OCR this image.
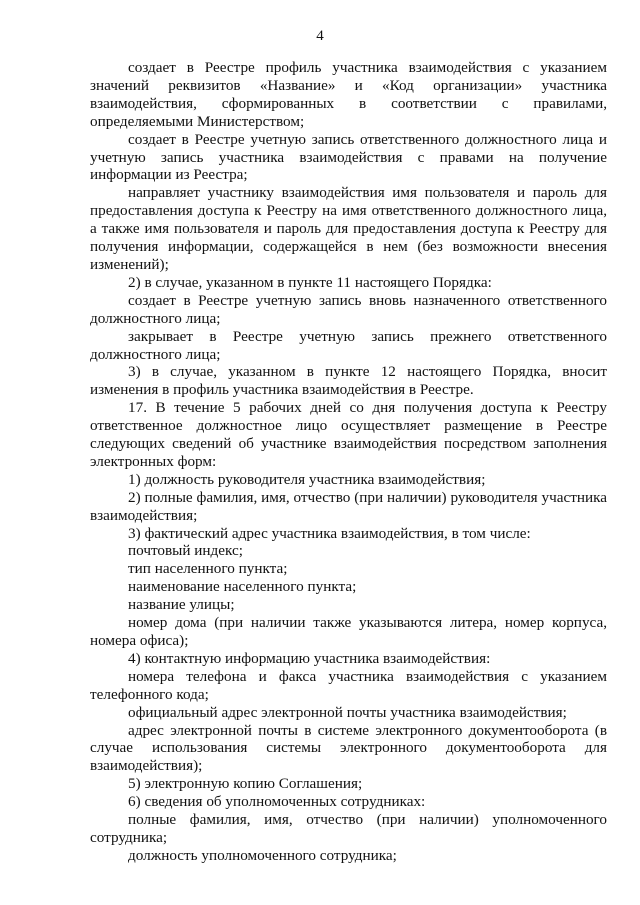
4

создает в Реестре профиль участника взаимодействия с указанием значений реквизитов «Название» и «Код организации» участника взаимодействия, сформированных в соответствии с правилами, определяемыми Министерством;

создает в Реестре учетную запись ответственного должностного лица и учетную запись участника взаимодействия с правами на получение информации из Реестра;

направляет участнику взаимодействия имя пользователя и пароль для предоставления доступа к Реестру на имя ответственного должностного лица, а также имя пользователя и пароль для предоставления доступа к Реестру для получения информации, содержащейся в нем (без возможности внесения изменений);

2) в случае, указанном в пункте 11 настоящего Порядка:

создает в Реестре учетную запись вновь назначенного ответственного должностного лица;

закрывает в Реестре учетную запись прежнего ответственного должностного лица;

3) в случае, указанном в пункте 12 настоящего Порядка, вносит изменения в профиль участника взаимодействия в Реестре.

17. В течение 5 рабочих дней со дня получения доступа к Реестру ответственное должностное лицо осуществляет размещение в Реестре следующих сведений об участнике взаимодействия посредством заполнения электронных форм:

1) должность руководителя участника взаимодействия;

2) полные фамилия, имя, отчество (при наличии) руководителя участника взаимодействия;

3) фактический адрес участника взаимодействия, в том числе:

почтовый индекс;

тип населенного пункта;

наименование населенного пункта;

название улицы;

номер дома (при наличии также указываются литера, номер корпуса, номера офиса);

4) контактную информацию участника взаимодействия:

номера телефона и факса участника взаимодействия с указанием телефонного кода;

официальный адрес электронной почты участника взаимодействия;

адрес электронной почты в системе электронного документооборота (в случае использования системы электронного документооборота для взаимодействия);

5) электронную копию Соглашения;

6) сведения об уполномоченных сотрудниках:

полные фамилия, имя, отчество (при наличии) уполномоченного сотрудника;

должность уполномоченного сотрудника;
